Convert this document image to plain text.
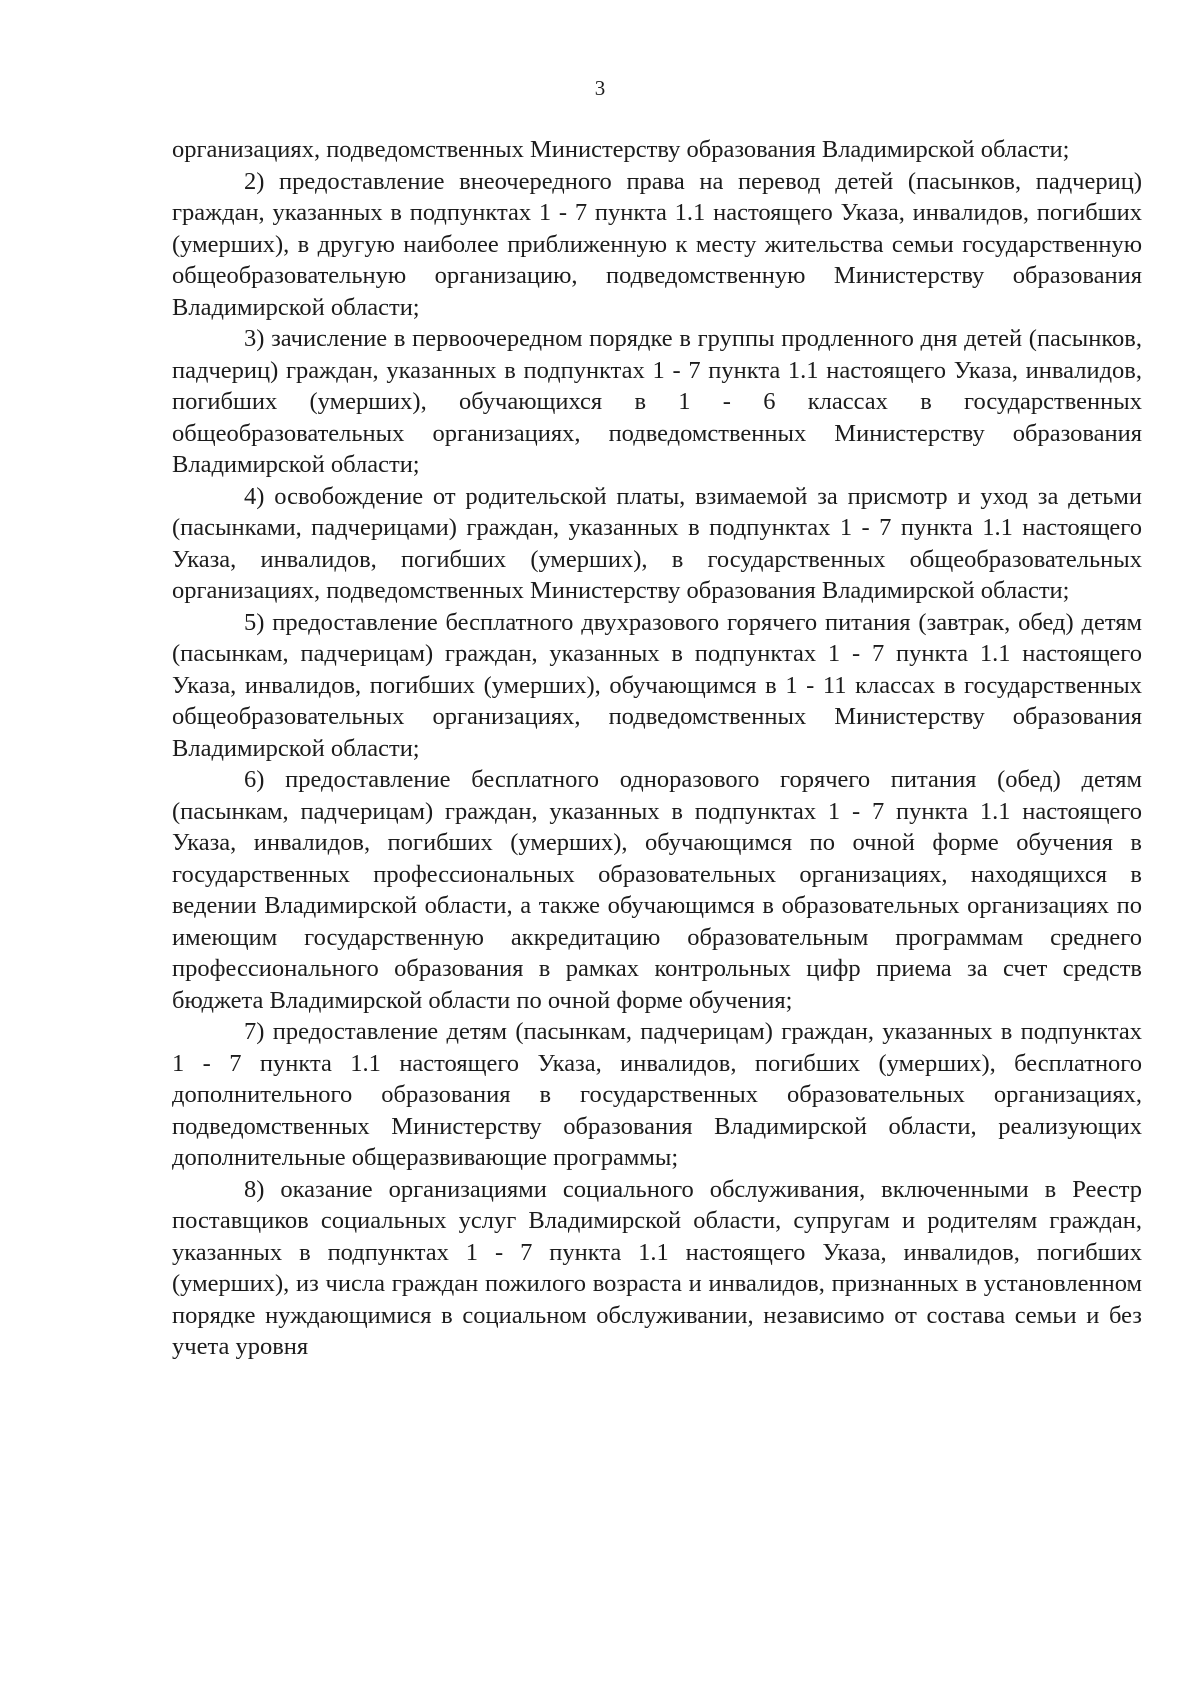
3

организациях, подведомственных Министерству образования Владимирской области;

2) предоставление внеочередного права на перевод детей (пасынков, падчериц) граждан, указанных в подпунктах 1 - 7 пункта 1.1 настоящего Указа, инвалидов, погибших (умерших), в другую наиболее приближенную к месту жительства семьи государственную общеобразовательную организацию, подведомственную Министерству образования Владимирской области;

3) зачисление в первоочередном порядке в группы продленного дня детей (пасынков, падчериц) граждан, указанных в подпунктах 1 - 7 пункта 1.1 настоящего Указа, инвалидов, погибших (умерших), обучающихся в 1 - 6 классах в государственных общеобразовательных организациях, подведомственных Министерству образования Владимирской области;

4) освобождение от родительской платы, взимаемой за присмотр и уход за детьми (пасынками, падчерицами) граждан, указанных в подпунктах 1 - 7 пункта 1.1 настоящего Указа, инвалидов, погибших (умерших), в государственных общеобразовательных организациях, подведомственных Министерству образования Владимирской области;

5) предоставление бесплатного двухразового горячего питания (завтрак, обед) детям (пасынкам, падчерицам) граждан, указанных в подпунктах 1 - 7 пункта 1.1 настоящего Указа, инвалидов, погибших (умерших), обучающимся в 1 - 11 классах в государственных общеобразовательных организациях, подведомственных Министерству образования Владимирской области;

6) предоставление бесплатного одноразового горячего питания (обед) детям (пасынкам, падчерицам) граждан, указанных в подпунктах 1 - 7 пункта 1.1 настоящего Указа, инвалидов, погибших (умерших), обучающимся по очной форме обучения в государственных профессиональных образовательных организациях, находящихся в ведении Владимирской области, а также обучающимся в образовательных организациях по имеющим государственную аккредитацию образовательным программам среднего профессионального образования в рамках контрольных цифр приема за счет средств бюджета Владимирской области по очной форме обучения;

7) предоставление детям (пасынкам, падчерицам) граждан, указанных в подпунктах 1 - 7 пункта 1.1 настоящего Указа, инвалидов, погибших (умерших), бесплатного дополнительного образования в государственных образовательных организациях, подведомственных Министерству образования Владимирской области, реализующих дополнительные общеразвивающие программы;

8) оказание организациями социального обслуживания, включенными в Реестр поставщиков социальных услуг Владимирской области, супругам и родителям граждан, указанных в подпунктах 1 - 7 пункта 1.1 настоящего Указа, инвалидов, погибших (умерших), из числа граждан пожилого возраста и инвалидов, признанных в установленном порядке нуждающимися в социальном обслуживании, независимо от состава семьи и без учета уровня
